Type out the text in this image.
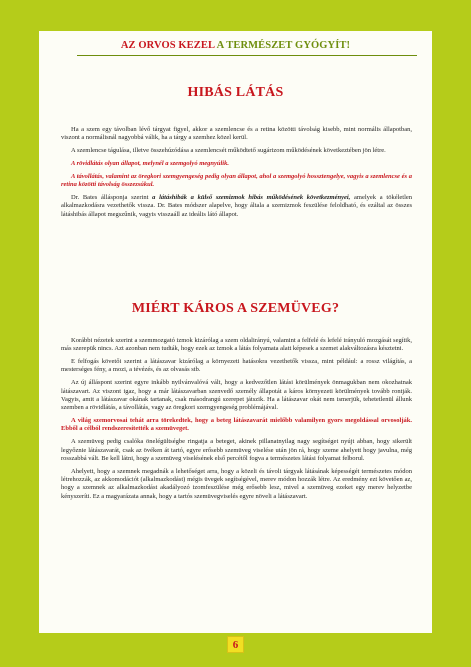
AZ ORVOS KEZEL A TERMÉSZET GYÓGYÍT!
HIBÁS LÁTÁS

Ha a szem egy távolban lévő tárgyat figyel, akkor a szemlencse és a retina közötti távolság kisebb, mint normális állapotban, viszont a normálisnál nagyobbá válik, ha a tárgy a szemhez közel kerül.

A szemlencse tágulása, illetve összehúzódása a szemlencsét működtető sugárizom működésének következtében jön létre.

A rövidlátás olyan állapot, melynél a szemgolyó megnyúlik.

A távollátás, valamint az öregkori szemgyengeség pedig olyan állapot, ahol a szemgolyó hossztengelye, vagyis a szemlencse és a retina közötti távolság összezsúkul.

Dr. Bates állásponja szerint a látáshibák a külső szemizmok hibás működésének következményei, amelyek a tökéletlen alkalmazkodásra vezethetők vissza. Dr. Bates módszer alapelve, hogy általa a szemizmok feszülése feloldható, és ezáltal az összes látáshibás állapot megszűnik, vagyis visszaáll az ideális látó állapot.

MIÉRT KÁROS A SZEMÜVEG?

Korábbi nézetek szerint a szemmozgató izmok kizárólag a szem oldalirányú, valamint a felfelé és lefelé irányuló mozgását segítik, más szerepük nincs. Azt azonban nem tudták, hogy ezek az izmok a látás folyamata alatt képesek a szemet alakváltozásra késztetni.

E felfogás követői szerint a látászavar kizárólag a környezeti hatásokra vezethetők vissza, mint például: a rossz világítás, a mesterséges fény, a mozi, a tévézés, és az olvasás stb.

Az új álláspont szerint egyre inkább nyilvánvalóvá vált, hogy a kedvezőtlen látási körülmények önmagukban nem okozhatnak látászavart. Az viszont igaz, hogy a már látászavarban szenvedő személy állapotát a káros környezeti körülmények tovább rontják. Vagyis, amit a látászavar okának tartanak, csak másodrangú szerepet játszik. Ha a látászavar okát nem ismerjük, tehetetlenül állunk szemben a rövidlátás, a távollátás, vagy az öregkori szemgyengeség problémájával.

A világ szemorvosai tehát arra törekedtek, hogy a beteg látászavarát mielőbb valamilyen gyors megoldással orvosolják. Ebből a célból rendszeresítették a szemüveget.

A szemüveg pedig csalóka önelégültségbe ringatja a beteget, akinek pillanatnyilag nagy segítséget nyújt abban, hogy sikerült legyőznie látászavarát, csak az övéken át tartó, egyre erősebb szemüveg viselése után jön rá, hogy szeme ahelyett hogy javulna, még rosszabbá vált. Be kell látni, hogy a szemüveg viselésének első percétől fogva a természetes látási folyamat felborul.

Ahelyett, hogy a szemnek megadnák a lehetőséget arra, hogy a közeli és távoli tárgyak látásának képességét természetes módon létrehozzák, az akkomodációt (alkalmazkodást) mégis üvegek segítségével, merev módon hozzák létre. Az eredmény ezt követően az, hogy a szemnek az alkalmazkodást akadályozó izomfeszülése még erősebb lesz, mivel a szemüveg ezeket egy merev helyzetbe kényszeríti. Ez a magyarázata annak, hogy a tartós szemüvegviselés egyre növeli a látászavart.

6
